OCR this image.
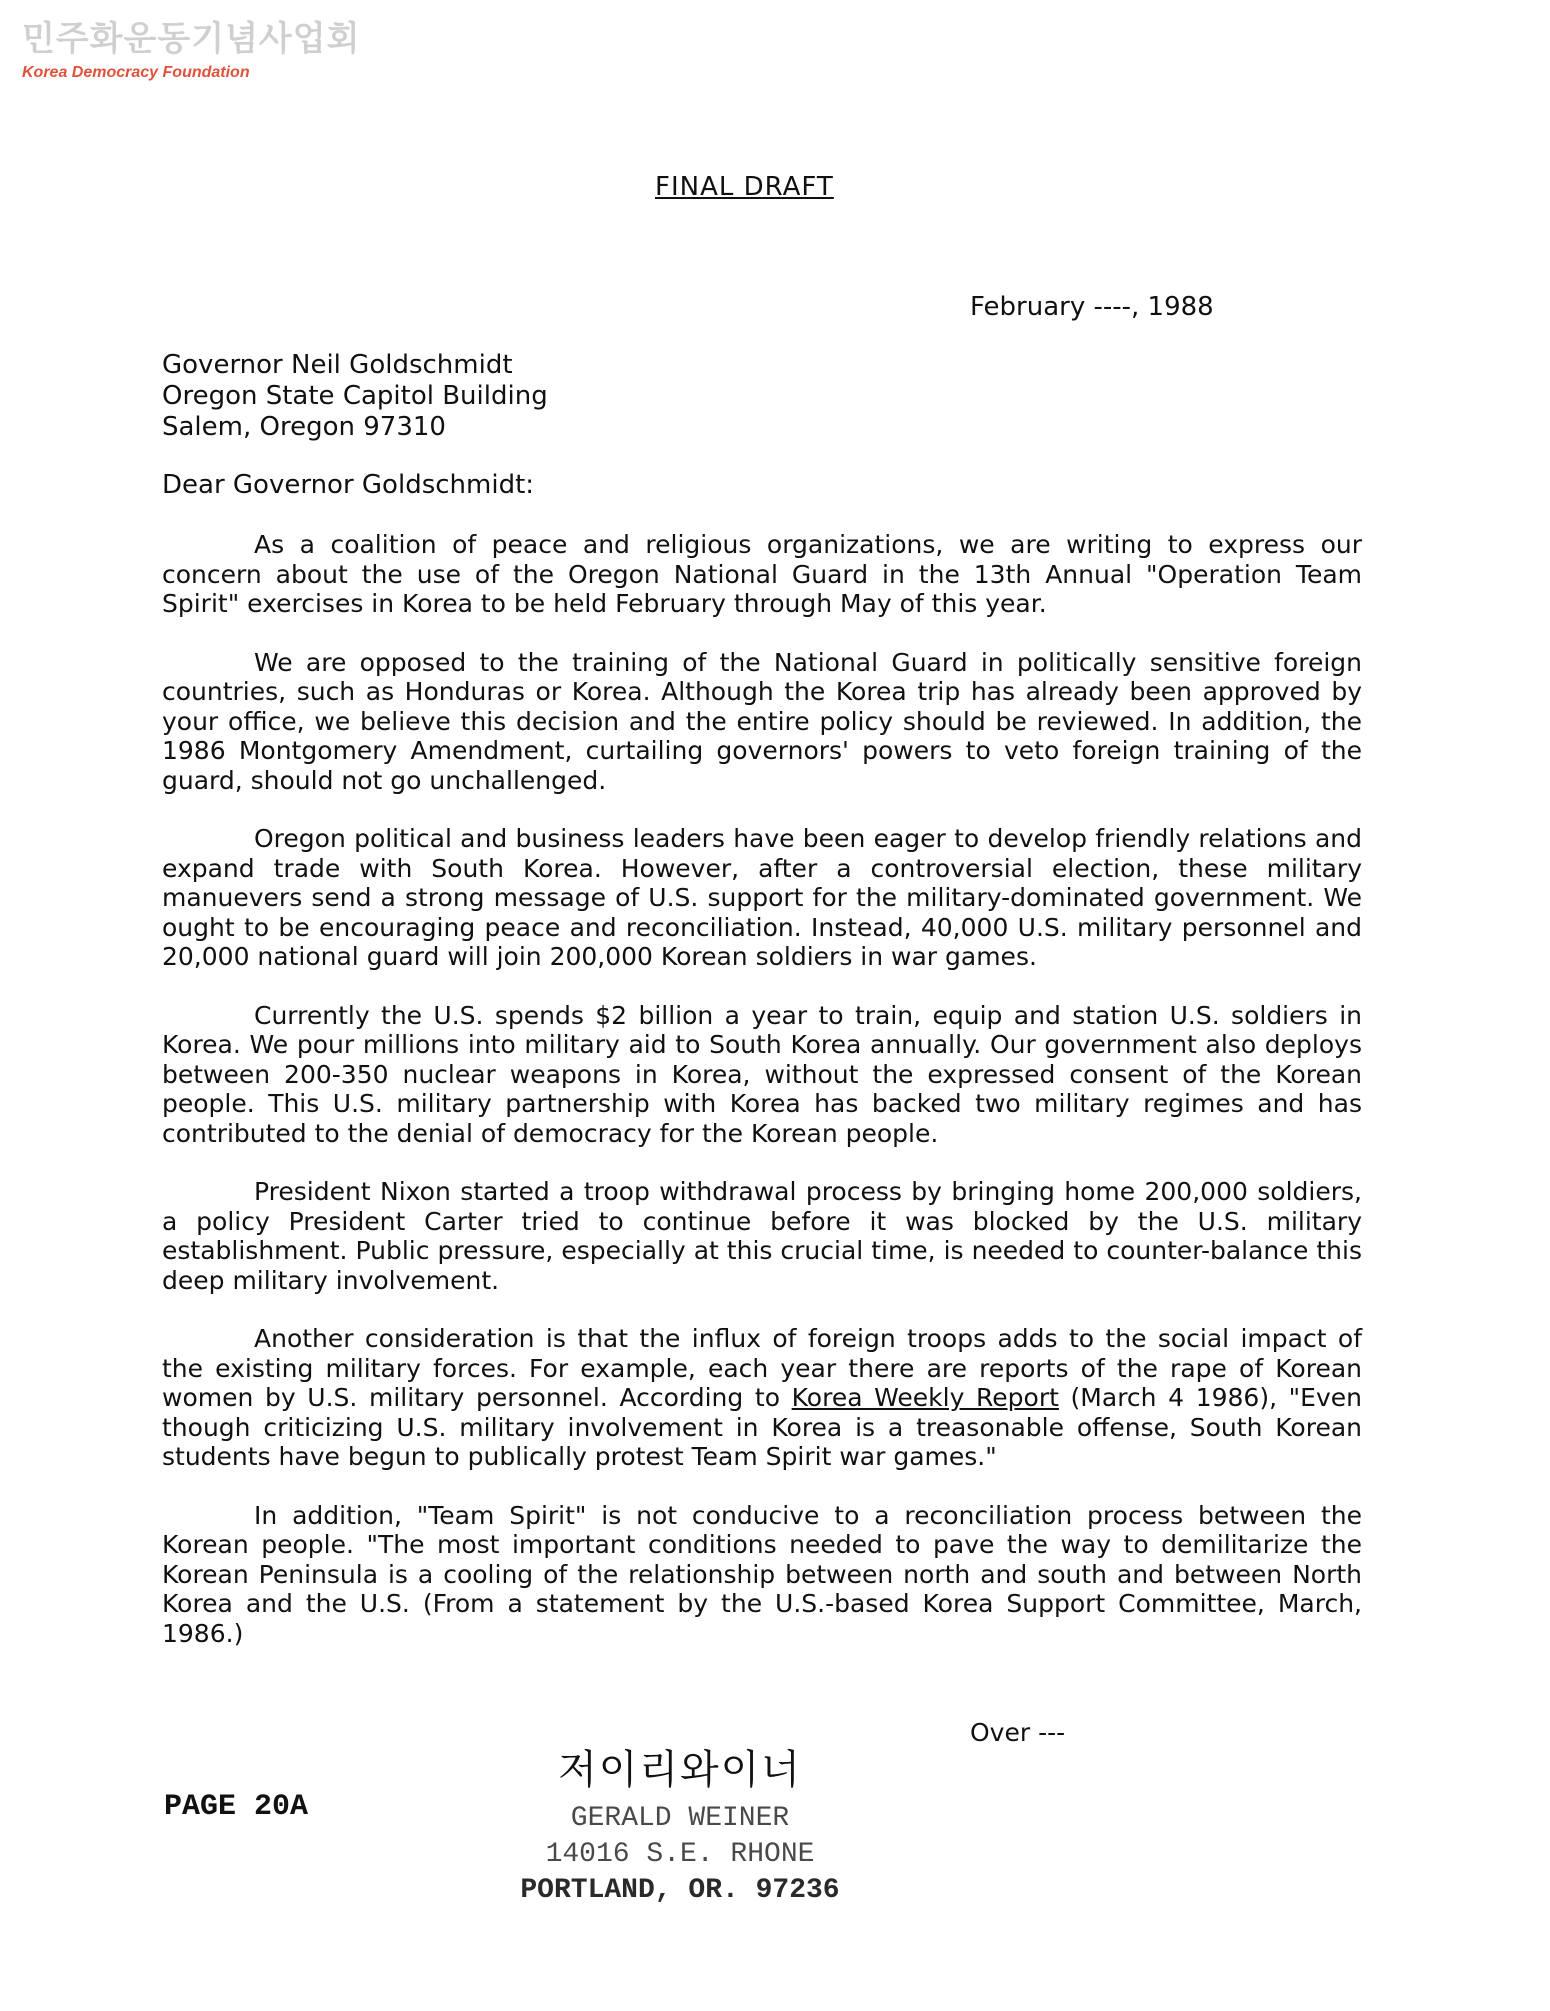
민주화운동기념사업회
Korea Democracy Foundation
FINAL DRAFT
February ----, 1988
Governor Neil Goldschmidt
Oregon State Capitol Building
Salem, Oregon 97310
Dear Governor Goldschmidt:

As a coalition of peace and religious organizations, we are writing to express our concern about the use of the Oregon National Guard in the 13th Annual "Operation Team Spirit" exercises in Korea to be held February through May of this year.

We are opposed to the training of the National Guard in politically sensitive foreign countries, such as Honduras or Korea. Although the Korea trip has already been approved by your office, we believe this decision and the entire policy should be reviewed. In addition, the 1986 Montgomery Amendment, curtailing governors' powers to veto foreign training of the guard, should not go unchallenged.

Oregon political and business leaders have been eager to develop friendly relations and expand trade with South Korea. However, after a controversial election, these military manuevers send a strong message of U.S. support for the military-dominated government. We ought to be encouraging peace and reconciliation. Instead, 40,000 U.S. military personnel and 20,000 national guard will join 200,000 Korean soldiers in war games.

Currently the U.S. spends $2 billion a year to train, equip and station U.S. soldiers in Korea. We pour millions into military aid to South Korea annually. Our government also deploys between 200-350 nuclear weapons in Korea, without the expressed consent of the Korean people. This U.S. military partnership with Korea has backed two military regimes and has contributed to the denial of democracy for the Korean people.

President Nixon started a troop withdrawal process by bringing home 200,000 soldiers, a policy President Carter tried to continue before it was blocked by the U.S. military establishment. Public pressure, especially at this crucial time, is needed to counter-balance this deep military involvement.

Another consideration is that the influx of foreign troops adds to the social impact of the existing military forces. For example, each year there are reports of the rape of Korean women by U.S. military personnel. According to Korea Weekly Report (March 4 1986), "Even though criticizing U.S. military involvement in Korea is a treasonable offense, South Korean students have begun to publically protest Team Spirit war games."

In addition, "Team Spirit" is not conducive to a reconciliation process between the Korean people. "The most important conditions needed to pave the way to demilitarize the Korean Peninsula is a cooling of the relationship between north and south and between North Korea and the U.S. (From a statement by the U.S.-based Korea Support Committee, March, 1986.)

Over ---
PAGE 20A
저이리와이너
GERALD WEINER
14016 S.E. RHONE
PORTLAND, OR. 97236
